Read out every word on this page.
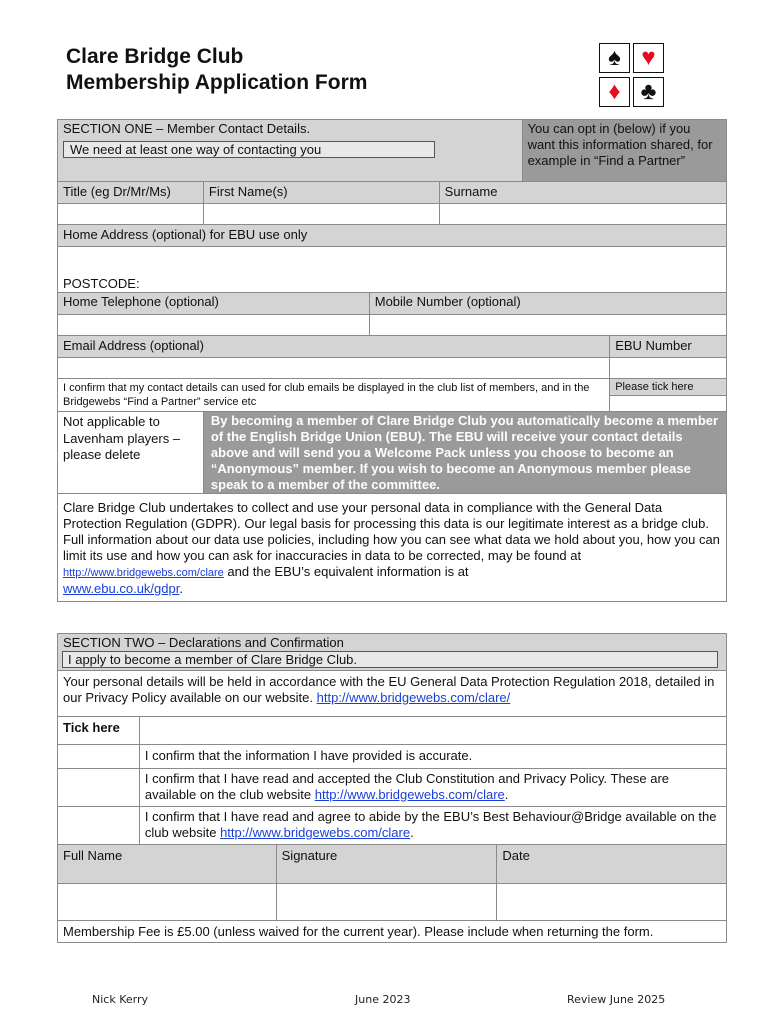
Clare Bridge Club
Membership Application Form
♠ ♥
♦ ♣
SECTION ONE – Member Contact Details.
We need at least one way of contacting you				You can opt in (below) if you want this information shared, for example in “Find a Partner”	
Title (eg Dr/Mr/Ms)	First Name(s)		Surname		

Home Address (optional) for EBU use only					
POSTCODE:					
Home Telephone (optional)		Mobile Number (optional)			

Email Address (optional)					EBU Number

I confirm that my contact details can used for club emails be displayed in the club list of members, and in the Bridgewebs “Find a Partner” service etc					Please tick here

Not applicable to Lavenham players – please delete	By becoming a member of Clare Bridge Club you automatically become a member of the English Bridge Union (EBU). The EBU will receive your contact details above and will send you a Welcome Pack unless you choose to become an “Anonymous” member. If you wish to become an Anonymous member please speak to a member of the committee.				
Clare Bridge Club undertakes to collect and use your personal data in compliance with the General Data Protection Regulation (GDPR). Our legal basis for processing this data is our legitimate interest as a bridge club. Full information about our data use policies, including how you can see what data we hold about you, how you can limit its use and how you can ask for inaccuracies in data to be corrected, may be found at http://www.bridgewebs.com/clare and the EBU’s equivalent information is at
www.ebu.co.uk/gdpr.					
SECTION TWO – Declarations and Confirmation
I apply to become a member of Clare Bridge Club.			
Your personal details will be held in accordance with the EU General Data Protection Regulation 2018, detailed in our Privacy Policy available on our website. http://www.bridgewebs.com/clare/			
Tick here			
	I confirm that the information I have provided is accurate.		
	I confirm that I have read and accepted the Club Constitution and Privacy Policy. These are available on the club website http://www.bridgewebs.com/clare.		
	I confirm that I have read and agree to abide by the EBU’s Best Behaviour@Bridge available on the club website http://www.bridgewebs.com/clare.		
Full Name		Signature	Date

Membership Fee is £5.00 (unless waived for the current year). Please include when returning the form.			
Nick Kerry	June 2023	Review June 2025
